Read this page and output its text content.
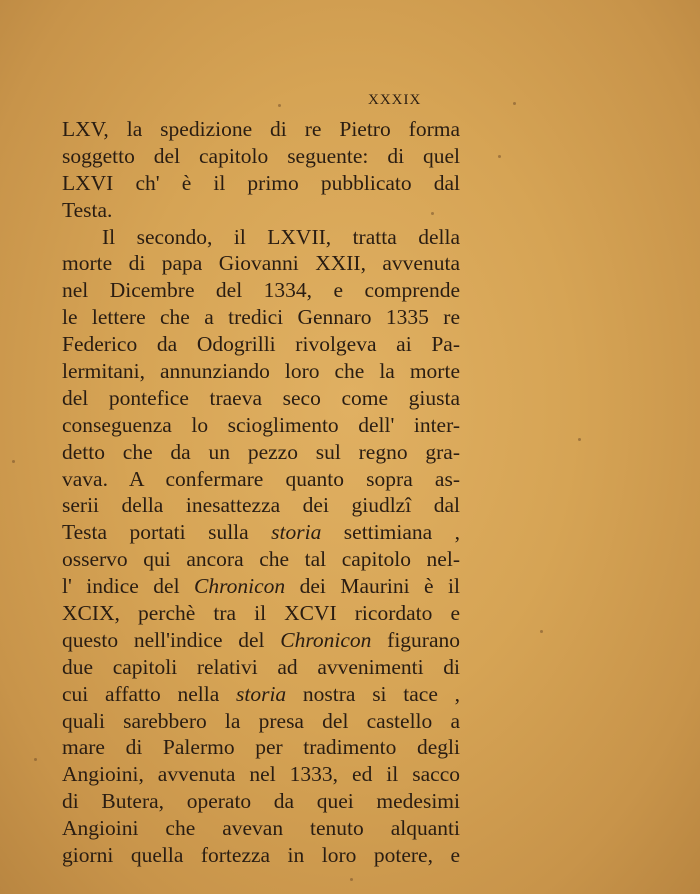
XXXIX
LXV, la spedizione di re Pietro forma
soggetto del capitolo seguente: di quel
LXVI ch' è il primo pubblicato dal
Testa.
Il secondo, il LXVII, tratta della
morte di papa Giovanni XXII, avvenuta
nel Dicembre del 1334, e comprende
le lettere che a tredici Gennaro 1335 re
Federico da Odogrilli rivolgeva ai Pa-
lermitani, annunziando loro che la morte
del pontefice traeva seco come giusta
conseguenza lo scioglimento dell' inter-
detto che da un pezzo sul regno gra-
vava. A confermare quanto sopra as-
serii della inesattezza dei giudlzî dal
Testa portati sulla storia settimiana ,
osservo qui ancora che tal capitolo nel-
l' indice del Chronicon dei Maurini è il
XCIX, perchè tra il XCVI ricordato e
questo nell'indice del Chronicon figurano
due capitoli relativi ad avvenimenti di
cui affatto nella storia nostra si tace ,
quali sarebbero la presa del castello a
mare di Palermo per tradimento degli
Angioini, avvenuta nel 1333, ed il sacco
di Butera, operato da quei medesimi
Angioini che avevan tenuto alquanti
giorni quella fortezza in loro potere, e
